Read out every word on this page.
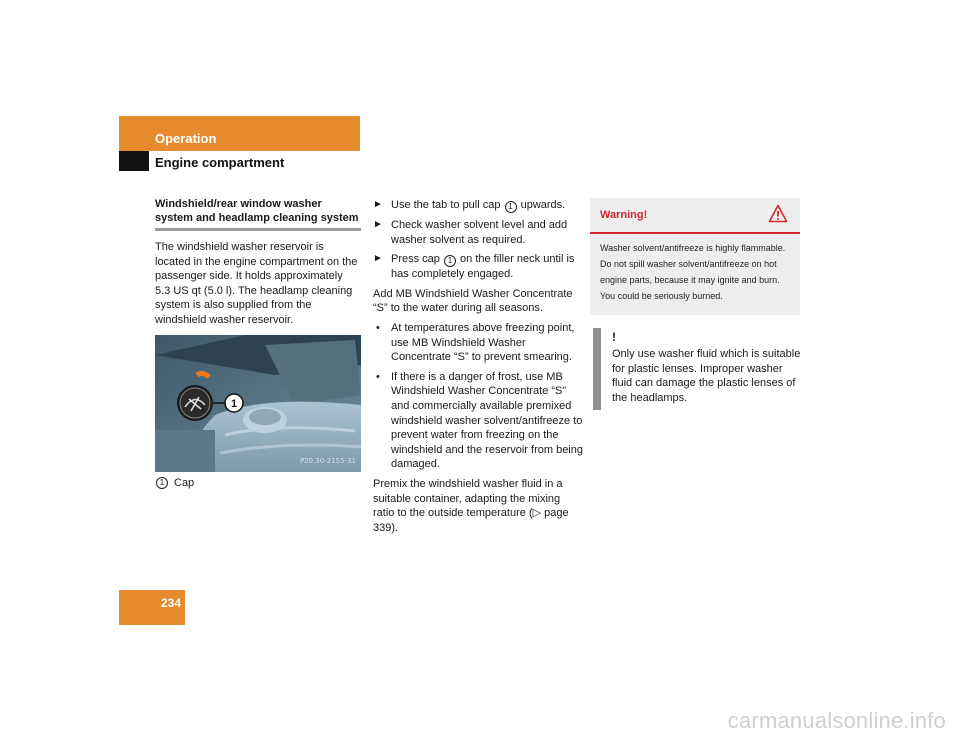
Operation
Engine compartment
Windshield/rear window washer system and headlamp cleaning system

The windshield washer reservoir is located in the engine compartment on the passenger side. It holds approximately 5.3 US qt (5.0 l). The headlamp cleaning system is also supplied from the windshield washer reservoir.

1
P20.30-2155-31
1 Cap
► Use the tab to pull cap 1 upwards.
► Check washer solvent level and add washer solvent as required.
► Press cap 1 on the filler neck until is has completely engaged.

Add MB Windshield Washer Concentrate “S” to the water during all seasons.

• At temperatures above freezing point, use MB Windshield Washer Concentrate “S” to prevent smearing.
• If there is a danger of frost, use MB Windshield Washer Concentrate “S” and commercially available premixed windshield washer solvent/antifreeze to prevent water from freezing on the windshield and the reservoir from being damaged.

Premix the windshield washer fluid in a suitable container, adapting the mixing ratio to the outside temperature (▷ page 339).

Warning!
Washer solvent/antifreeze is highly flammable. Do not spill washer solvent/antifreeze on hot engine parts, because it may ignite and burn. You could be seriously burned.
!
Only use washer fluid which is suitable for plastic lenses. Improper washer fluid can damage the plastic lenses of the headlamps.
234
carmanualsonline.info
